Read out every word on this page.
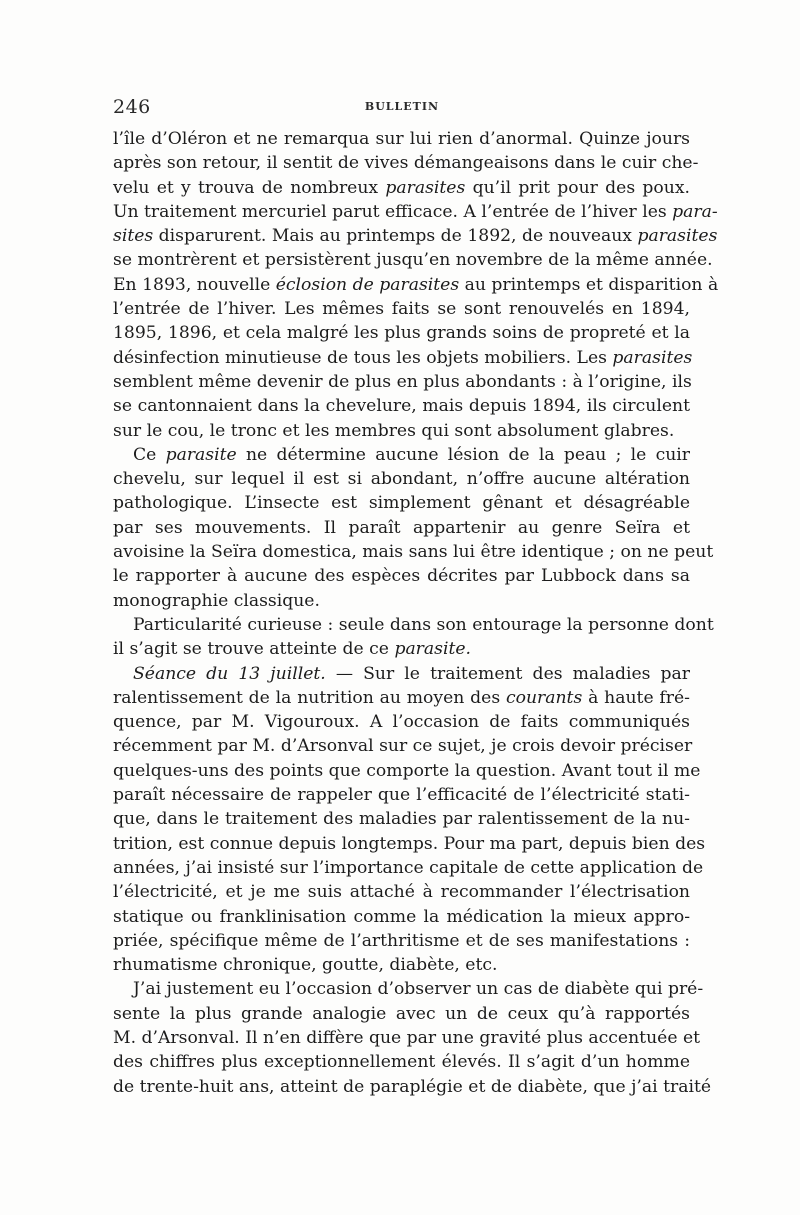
246	BULLETIN
l’île d’Oléron et ne remarqua sur lui rien d’anormal. Quinze jours
après son retour, il sentit de vives démangeaisons dans le cuir che-
velu et y trouva de nombreux parasites qu’il prit pour des poux.
Un traitement mercuriel parut efficace. A l’entrée de l’hiver les para-
sites disparurent. Mais au printemps de 1892, de nouveaux parasites
se montrèrent et persistèrent jusqu’en novembre de la même année.
En 1893, nouvelle éclosion de parasites au printemps et disparition à
l’entrée de l’hiver. Les mêmes faits se sont renouvelés en 1894,
1895, 1896, et cela malgré les plus grands soins de propreté et la
désinfection minutieuse de tous les objets mobiliers. Les parasites
semblent même devenir de plus en plus abondants : à l’origine, ils
se cantonnaient dans la chevelure, mais depuis 1894, ils circulent
sur le cou, le tronc et les membres qui sont absolument glabres.
Ce parasite ne détermine aucune lésion de la peau ; le cuir
chevelu, sur lequel il est si abondant, n’offre aucune altération
pathologique. L’insecte est simplement gênant et désagréable
par ses mouvements. Il paraît appartenir au genre Seïra et
avoisine la Seïra domestica, mais sans lui être identique ; on ne peut
le rapporter à aucune des espèces décrites par Lubbock dans sa
monographie classique.
Particularité curieuse : seule dans son entourage la personne dont
il s’agit se trouve atteinte de ce parasite.
Séance du 13 juillet. — Sur le traitement des maladies par
ralentissement de la nutrition au moyen des courants à haute fré-
quence, par M. Vigouroux. A l’occasion de faits communiqués
récemment par M. d’Arsonval sur ce sujet, je crois devoir préciser
quelques-uns des points que comporte la question. Avant tout il me
paraît nécessaire de rappeler que l’efficacité de l’électricité stati-
que, dans le traitement des maladies par ralentissement de la nu-
trition, est connue depuis longtemps. Pour ma part, depuis bien des
années, j’ai insisté sur l’importance capitale de cette application de
l’électricité, et je me suis attaché à recommander l’électrisation
statique ou franklinisation comme la médication la mieux appro-
priée, spécifique même de l’arthritisme et de ses manifestations :
rhumatisme chronique, goutte, diabète, etc.
J’ai justement eu l’occasion d’observer un cas de diabète qui pré-
sente la plus grande analogie avec un de ceux qu’à rapportés
M. d’Arsonval. Il n’en diffère que par une gravité plus accentuée et
des chiffres plus exceptionnellement élevés. Il s’agit d’un homme
de trente-huit ans, atteint de paraplégie et de diabète, que j’ai traité
